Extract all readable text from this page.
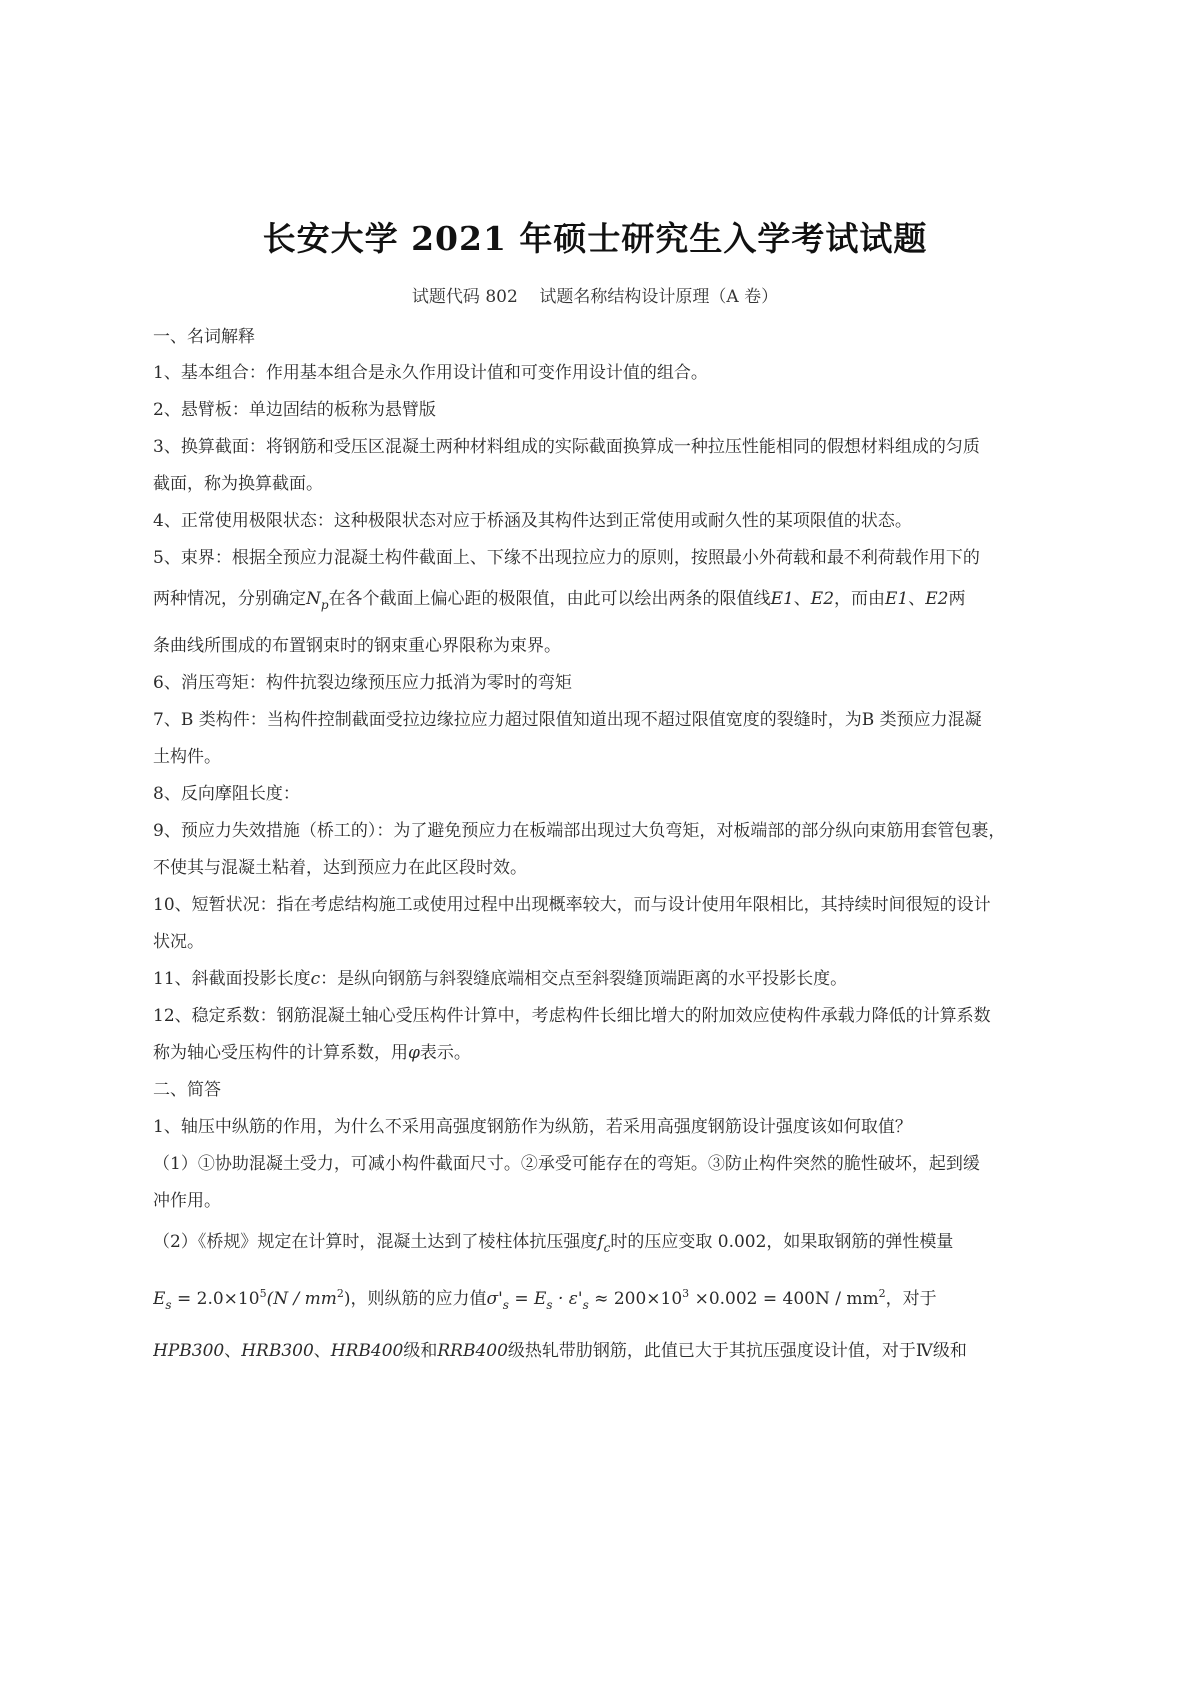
长安大学 2021 年硕士研究生入学考试试题
试题代码 802    试题名称结构设计原理（A 卷）
一、名词解释
1、基本组合：作用基本组合是永久作用设计值和可变作用设计值的组合。
2、悬臂板：单边固结的板称为悬臂版
3、换算截面：将钢筋和受压区混凝土两种材料组成的实际截面换算成一种拉压性能相同的假想材料组成的匀质
截面，称为换算截面。
4、正常使用极限状态：这种极限状态对应于桥涵及其构件达到正常使用或耐久性的某项限值的状态。
5、束界：根据全预应力混凝土构件截面上、下缘不出现拉应力的原则，按照最小外荷载和最不利荷载作用下的
两种情况，分别确定$N_p$在各个截面上偏心距的极限值，由此可以绘出两条的限值线E1、E2，而由E1、E2两
条曲线所围成的布置钢束时的钢束重心界限称为束界。
6、消压弯矩：构件抗裂边缘预压应力抵消为零时的弯矩
7、B 类构件：当构件控制截面受拉边缘拉应力超过限值知道出现不超过限值宽度的裂缝时，为B 类预应力混凝
土构件。
8、反向摩阻长度：
9、预应力失效措施（桥工的）：为了避免预应力在板端部出现过大负弯矩，对板端部的部分纵向束筋用套管包裹，
不使其与混凝土粘着，达到预应力在此区段时效。
10、短暂状况：指在考虑结构施工或使用过程中出现概率较大，而与设计使用年限相比，其持续时间很短的设计
状况。
11、斜截面投影长度c：是纵向钢筋与斜裂缝底端相交点至斜裂缝顶端距离的水平投影长度。
12、稳定系数：钢筋混凝土轴心受压构件计算中，考虑构件长细比增大的附加效应使构件承载力降低的计算系数
称为轴心受压构件的计算系数，用φ表示。
二、简答
1、轴压中纵筋的作用，为什么不采用高强度钢筋作为纵筋，若采用高强度钢筋设计强度该如何取值？
（1）①协助混凝土受力，可减小构件截面尺寸。②承受可能存在的弯矩。③防止构件突然的脆性破坏，起到缓
冲作用。
（2）《桥规》规定在计算时，混凝土达到了棱柱体抗压强度$f_c$时的压应变取 0.002，如果取钢筋的弹性模量
$E_s = 2.0\times 10^5(N / mm^2)$，则纵筋的应力值$\sigma'_s = E_s \cdot \varepsilon'_s \approx 200\times 10^3 \times 0.002 = 400N / mm^2$，对于
HPB300、HRB300、HRB400级和RRB400级热轧带肋钢筋，此值已大于其抗压强度设计值，对于Ⅳ级和
